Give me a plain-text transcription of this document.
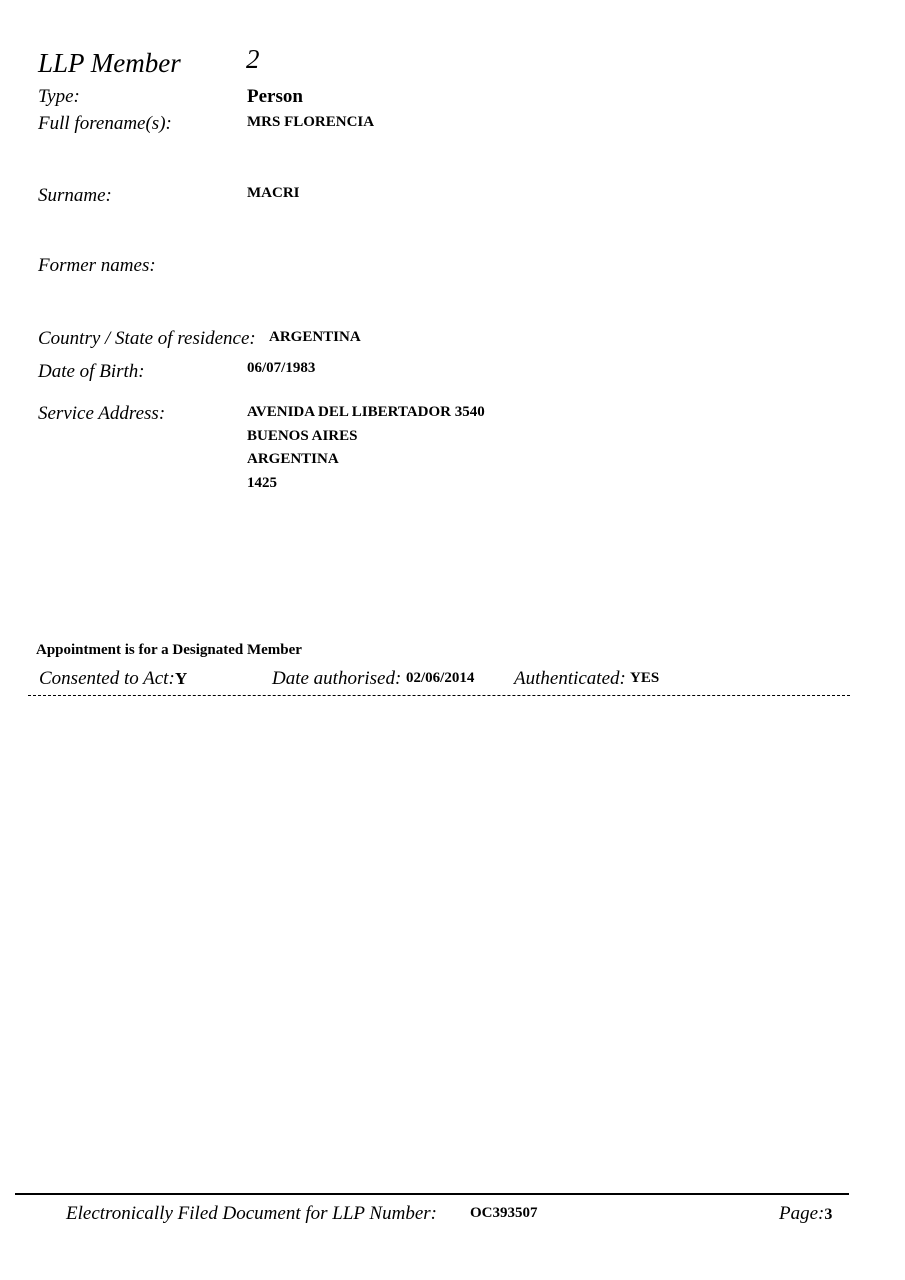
LLP Member 2
Type:	Person
Full forename(s):	MRS FLORENCIA
Surname:	MACRI
Former names:
Country / State of residence: ARGENTINA
Date of Birth:	06/07/1983
Service Address:	AVENIDA DEL LIBERTADOR 3540
BUENOS AIRES
ARGENTINA
1425
Appointment is for a Designated Member
Consented to Act: Y	Date authorised: 02/06/2014 Authenticated: YES
Electronically Filed Document for LLP Number: OC393507	Page:3
